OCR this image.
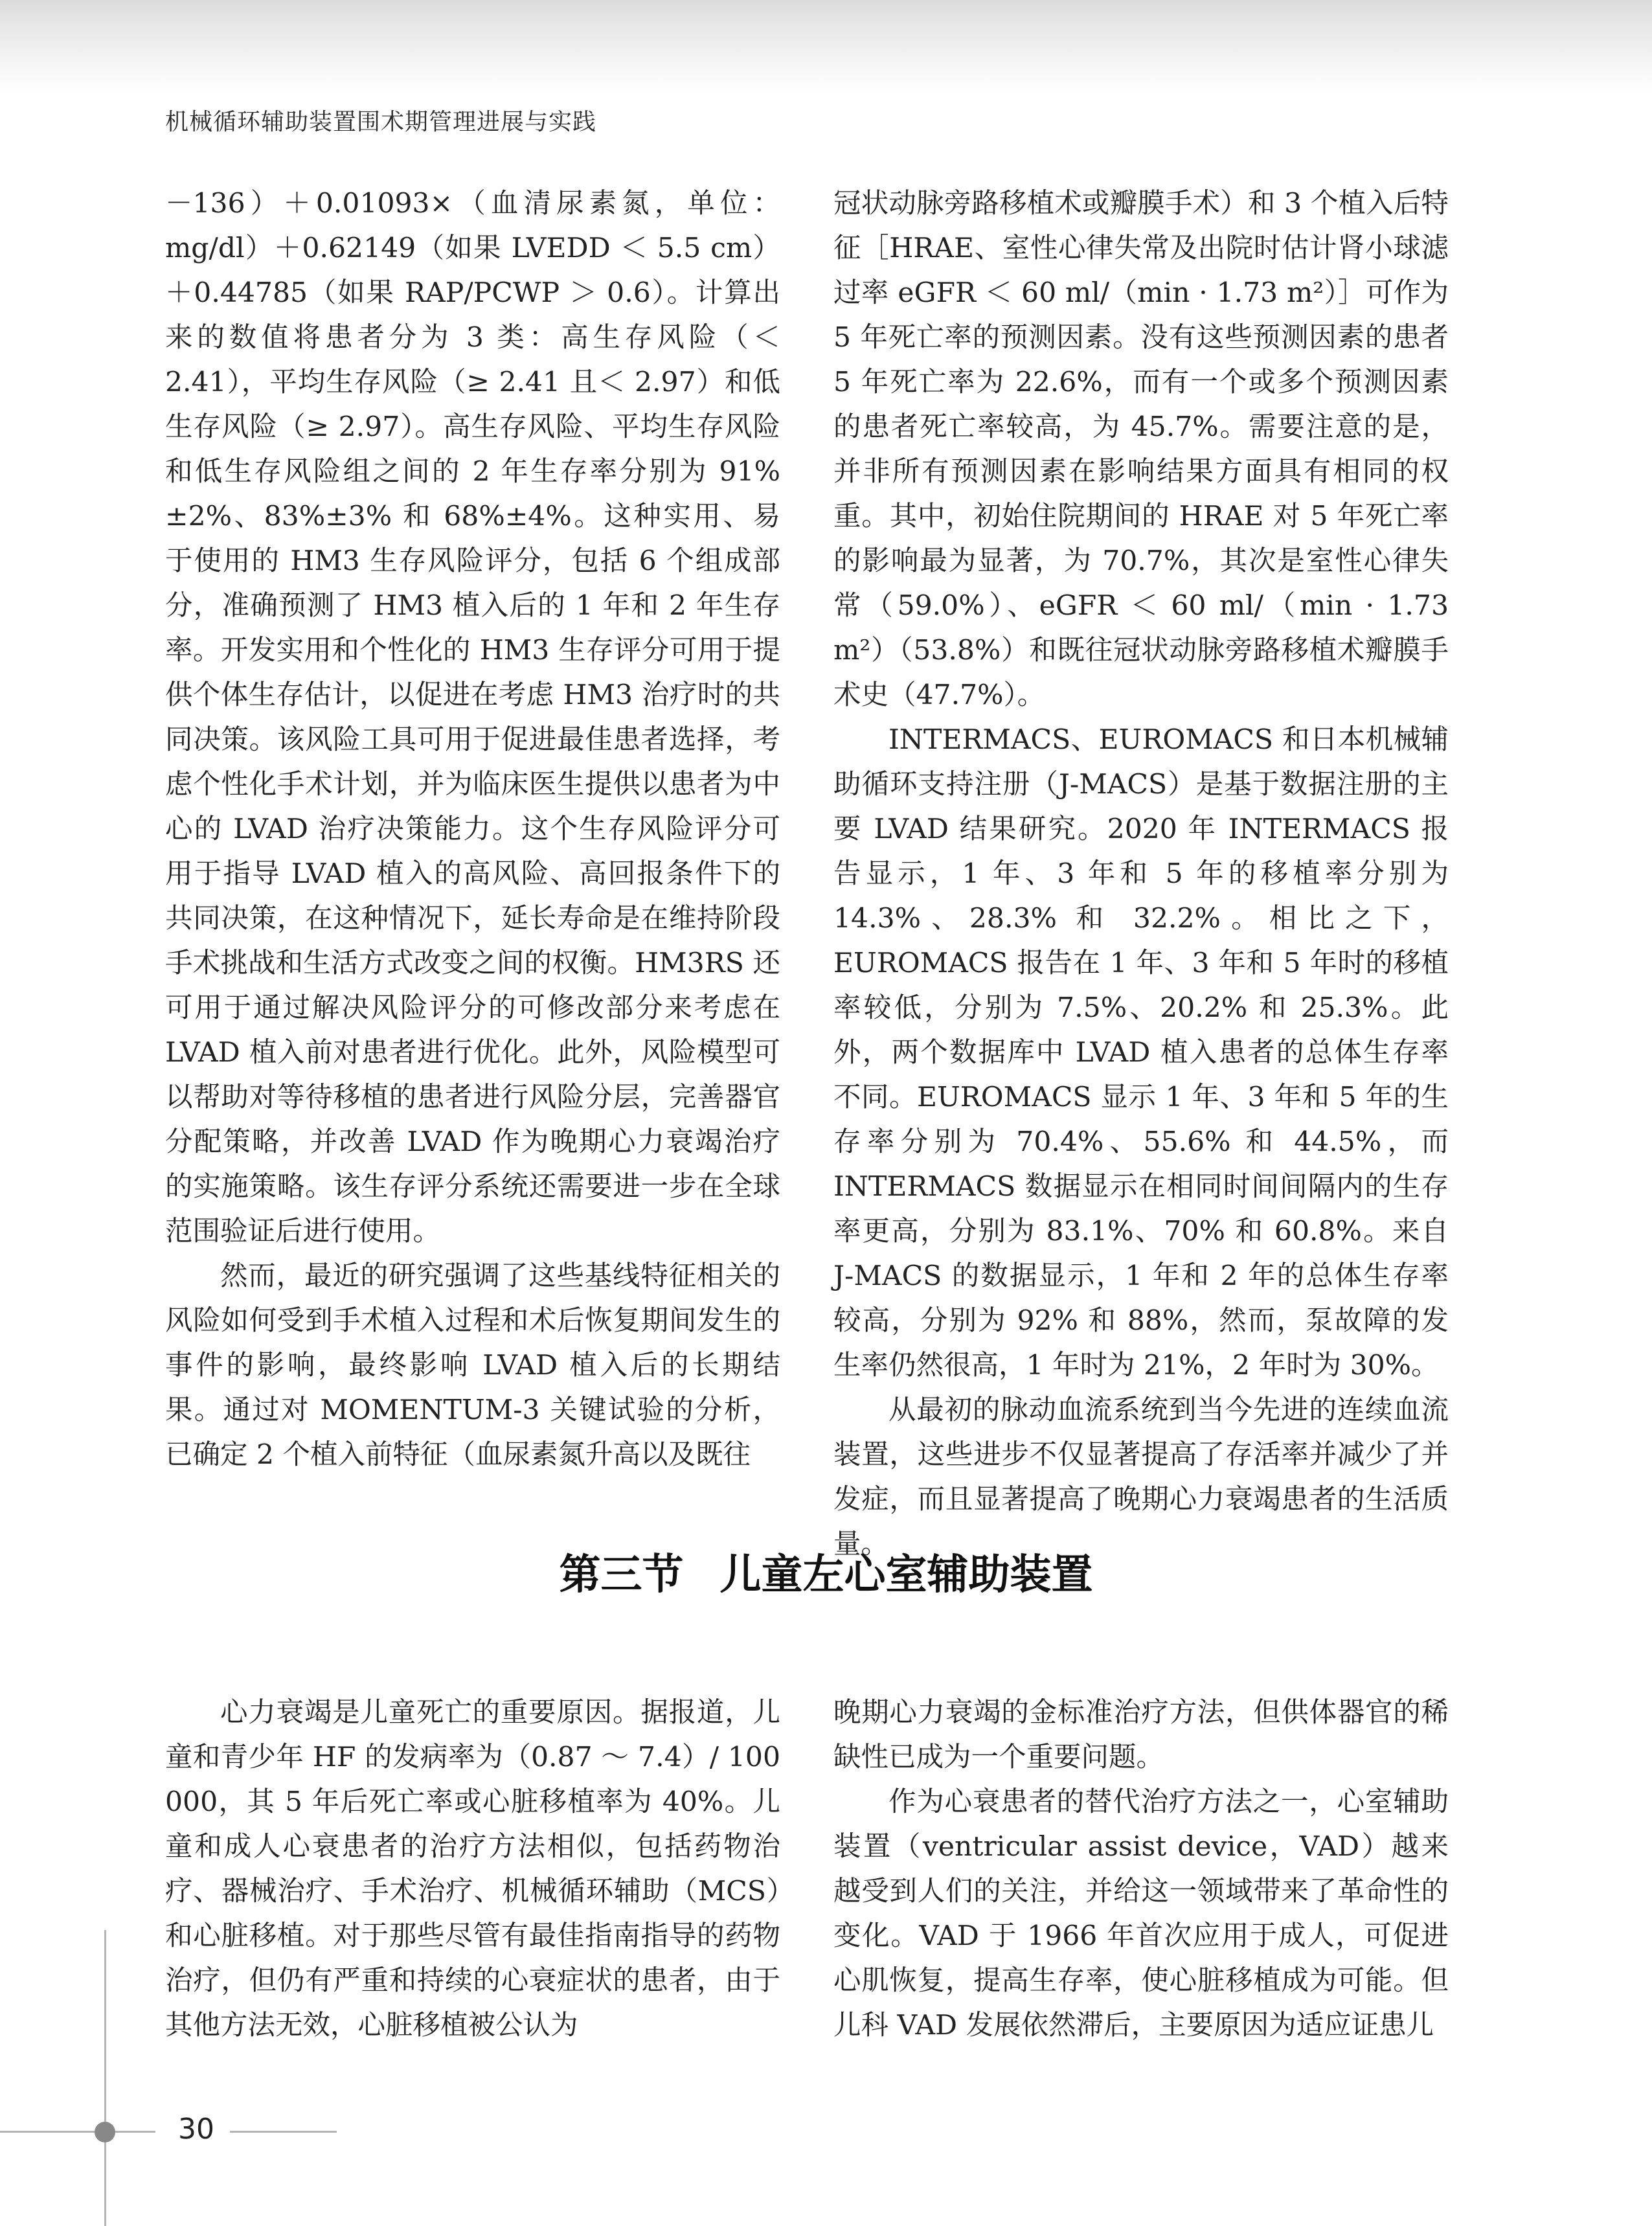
机械循环辅助装置围术期管理进展与实践

－136）＋0.01093×（血清尿素氮，单位：mg/dl）＋0.62149（如果 LVEDD ＜ 5.5 cm）＋0.44785（如果 RAP/PCWP ＞ 0.6）。计算出来的数值将患者分为 3 类：高生存风险（＜ 2.41），平均生存风险（≥ 2.41 且＜ 2.97）和低生存风险（≥ 2.97）。高生存风险、平均生存风险和低生存风险组之间的 2 年生存率分别为 91%±2%、83%±3% 和 68%±4%。这种实用、易于使用的 HM3 生存风险评分，包括 6 个组成部分，准确预测了 HM3 植入后的 1 年和 2 年生存率。开发实用和个性化的 HM3 生存评分可用于提供个体生存估计，以促进在考虑 HM3 治疗时的共同决策。该风险工具可用于促进最佳患者选择，考虑个性化手术计划，并为临床医生提供以患者为中心的 LVAD 治疗决策能力。这个生存风险评分可用于指导 LVAD 植入的高风险、高回报条件下的共同决策，在这种情况下，延长寿命是在维持阶段手术挑战和生活方式改变之间的权衡。HM3RS 还可用于通过解决风险评分的可修改部分来考虑在 LVAD 植入前对患者进行优化。此外，风险模型可以帮助对等待移植的患者进行风险分层，完善器官分配策略，并改善 LVAD 作为晚期心力衰竭治疗的实施策略。该生存评分系统还需要进一步在全球范围验证后进行使用。

然而，最近的研究强调了这些基线特征相关的风险如何受到手术植入过程和术后恢复期间发生的事件的影响，最终影响 LVAD 植入后的长期结果。通过对 MOMENTUM-3 关键试验的分析，已确定 2 个植入前特征（血尿素氮升高以及既往

冠状动脉旁路移植术或瓣膜手术）和 3 个植入后特征［HRAE、室性心律失常及出院时估计肾小球滤过率 eGFR ＜ 60 ml/（min · 1.73 m²）］可作为 5 年死亡率的预测因素。没有这些预测因素的患者 5 年死亡率为 22.6%，而有一个或多个预测因素的患者死亡率较高，为 45.7%。需要注意的是，并非所有预测因素在影响结果方面具有相同的权重。其中，初始住院期间的 HRAE 对 5 年死亡率的影响最为显著，为 70.7%，其次是室性心律失常（59.0%）、eGFR ＜ 60 ml/（min · 1.73 m²）（53.8%）和既往冠状动脉旁路移植术瓣膜手术史（47.7%）。

INTERMACS、EUROMACS 和日本机械辅助循环支持注册（J-MACS）是基于数据注册的主要 LVAD 结果研究。2020 年 INTERMACS 报告显示，1 年、3 年和 5 年的移植率分别为 14.3%、28.3% 和 32.2%。相比之下，EUROMACS 报告在 1 年、3 年和 5 年时的移植率较低，分别为 7.5%、20.2% 和 25.3%。此外，两个数据库中 LVAD 植入患者的总体生存率不同。EUROMACS 显示 1 年、3 年和 5 年的生存率分别为 70.4%、55.6% 和 44.5%，而 INTERMACS 数据显示在相同时间间隔内的生存率更高，分别为 83.1%、70% 和 60.8%。来自 J-MACS 的数据显示，1 年和 2 年的总体生存率较高，分别为 92% 和 88%，然而，泵故障的发生率仍然很高，1 年时为 21%，2 年时为 30%。

从最初的脉动血流系统到当今先进的连续血流装置，这些进步不仅显著提高了存活率并减少了并发症，而且显著提高了晚期心力衰竭患者的生活质量。

第三节 儿童左心室辅助装置

心力衰竭是儿童死亡的重要原因。据报道，儿童和青少年 HF 的发病率为（0.87 ～ 7.4）/ 100 000，其 5 年后死亡率或心脏移植率为 40%。儿童和成人心衰患者的治疗方法相似，包括药物治疗、器械治疗、手术治疗、机械循环辅助（MCS）和心脏移植。对于那些尽管有最佳指南指导的药物治疗，但仍有严重和持续的心衰症状的患者，由于其他方法无效，心脏移植被公认为

晚期心力衰竭的金标准治疗方法，但供体器官的稀缺性已成为一个重要问题。

作为心衰患者的替代治疗方法之一，心室辅助装置（ventricular assist device，VAD）越来越受到人们的关注，并给这一领域带来了革命性的变化。VAD 于 1966 年首次应用于成人，可促进心肌恢复，提高生存率，使心脏移植成为可能。但儿科 VAD 发展依然滞后，主要原因为适应证患儿

30
